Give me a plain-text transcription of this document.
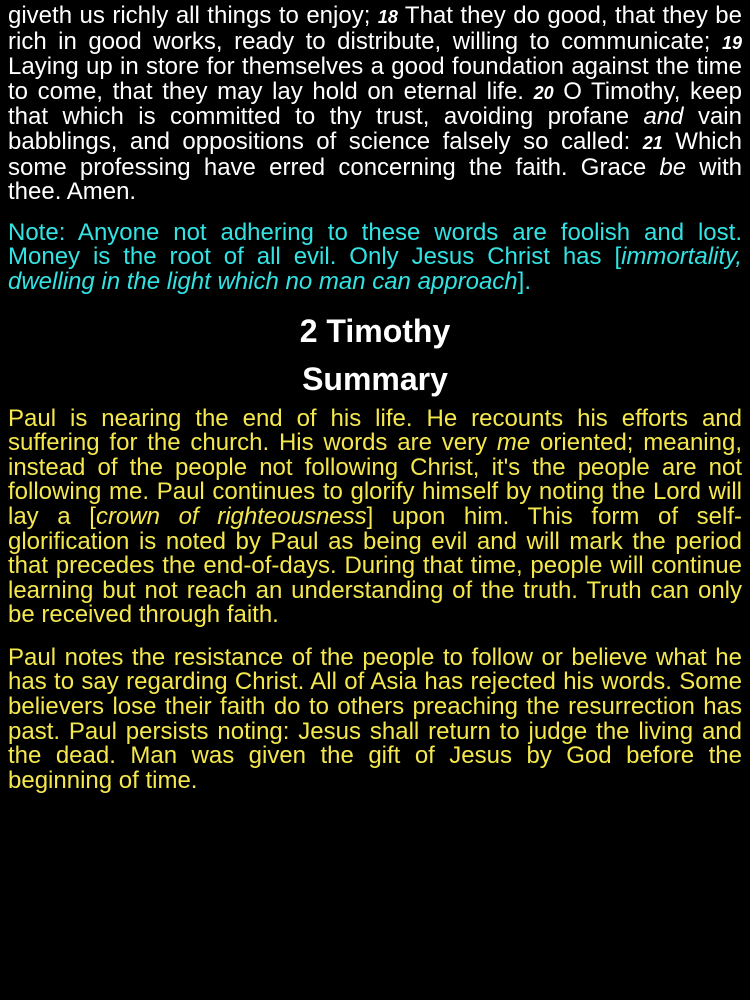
giveth us richly all things to enjoy; 18 That they do good, that they be rich in good works, ready to distribute, willing to communicate; 19 Laying up in store for themselves a good foundation against the time to come, that they may lay hold on eternal life. 20 O Timothy, keep that which is committed to thy trust, avoiding profane and vain babblings, and oppositions of science falsely so called: 21 Which some professing have erred concerning the faith. Grace be with thee. Amen.

Note: Anyone not adhering to these words are foolish and lost. Money is the root of all evil. Only Jesus Christ has [immortality, dwelling in the light which no man can approach].

2 Timothy
Summary

Paul is nearing the end of his life. He recounts his efforts and suffering for the church. His words are very me oriented; meaning, instead of the people not following Christ, it's the people are not following me. Paul continues to glorify himself by noting the Lord will lay a [crown of righteousness] upon him. This form of self-glorification is noted by Paul as being evil and will mark the period that precedes the end-of-days. During that time, people will continue learning but not reach an understanding of the truth. Truth can only be received through faith.

Paul notes the resistance of the people to follow or believe what he has to say regarding Christ. All of Asia has rejected his words. Some believers lose their faith do to others preaching the resurrection has past. Paul persists noting: Jesus shall return to judge the living and the dead. Man was given the gift of Jesus by God before the beginning of time.
